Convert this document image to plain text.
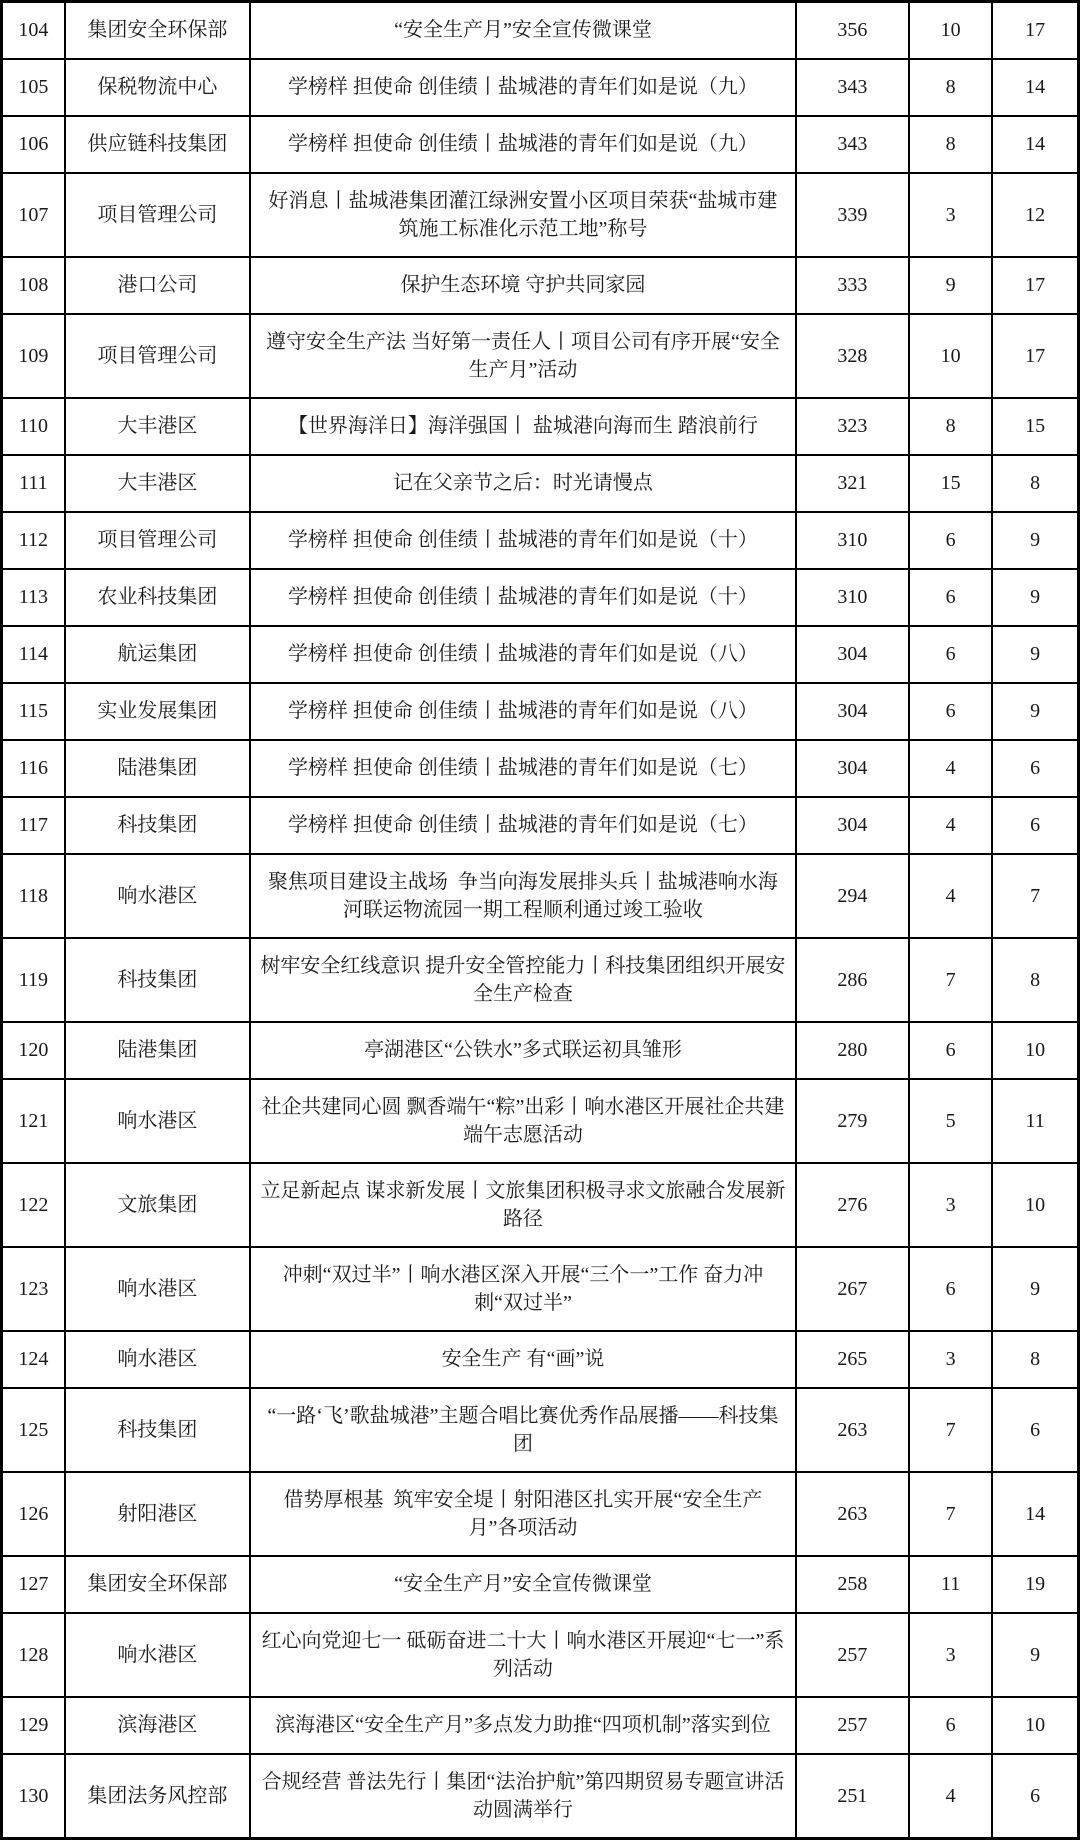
104	集团安全环保部	“安全生产月”安全宣传微课堂	356	10	17
105	保税物流中心	学榜样 担使命 创佳绩丨盐城港的青年们如是说（九）	343	8	14
106	供应链科技集团	学榜样 担使命 创佳绩丨盐城港的青年们如是说（九）	343	8	14
107	项目管理公司	好消息丨盐城港集团灌江绿洲安置小区项目荣获“盐城市建筑施工标准化示范工地”称号	339	3	12
108	港口公司	保护生态环境 守护共同家园	333	9	17
109	项目管理公司	遵守安全生产法 当好第一责任人丨项目公司有序开展“安全生产月”活动	328	10	17
110	大丰港区	【世界海洋日】海洋强国丨 盐城港向海而生 踏浪前行	323	8	15
111	大丰港区	记在父亲节之后：时光请慢点	321	15	8
112	项目管理公司	学榜样 担使命 创佳绩丨盐城港的青年们如是说（十）	310	6	9
113	农业科技集团	学榜样 担使命 创佳绩丨盐城港的青年们如是说（十）	310	6	9
114	航运集团	学榜样 担使命 创佳绩丨盐城港的青年们如是说（八）	304	6	9
115	实业发展集团	学榜样 担使命 创佳绩丨盐城港的青年们如是说（八）	304	6	9
116	陆港集团	学榜样 担使命 创佳绩丨盐城港的青年们如是说（七）	304	4	6
117	科技集团	学榜样 担使命 创佳绩丨盐城港的青年们如是说（七）	304	4	6
118	响水港区	聚焦项目建设主战场  争当向海发展排头兵丨盐城港响水海河联运物流园一期工程顺利通过竣工验收	294	4	7
119	科技集团	树牢安全红线意识 提升安全管控能力丨科技集团组织开展安全生产检查	286	7	8
120	陆港集团	亭湖港区“公铁水”多式联运初具雏形	280	6	10
121	响水港区	社企共建同心圆 飘香端午“粽”出彩丨响水港区开展社企共建端午志愿活动	279	5	11
122	文旅集团	立足新起点 谋求新发展丨文旅集团积极寻求文旅融合发展新路径	276	3	10
123	响水港区	冲刺“双过半”丨响水港区深入开展“三个一”工作 奋力冲刺“双过半”	267	6	9
124	响水港区	安全生产 有“画”说	265	3	8
125	科技集团	“一路‘飞’歌盐城港”主题合唱比赛优秀作品展播——科技集团	263	7	6
126	射阳港区	借势厚根基  筑牢安全堤丨射阳港区扎实开展“安全生产月”各项活动	263	7	14
127	集团安全环保部	“安全生产月”安全宣传微课堂	258	11	19
128	响水港区	红心向党迎七一 砥砺奋进二十大丨响水港区开展迎“七一”系列活动	257	3	9
129	滨海港区	滨海港区“安全生产月”多点发力助推“四项机制”落实到位	257	6	10
130	集团法务风控部	合规经营 普法先行丨集团“法治护航”第四期贸易专题宣讲活动圆满举行	251	4	6
